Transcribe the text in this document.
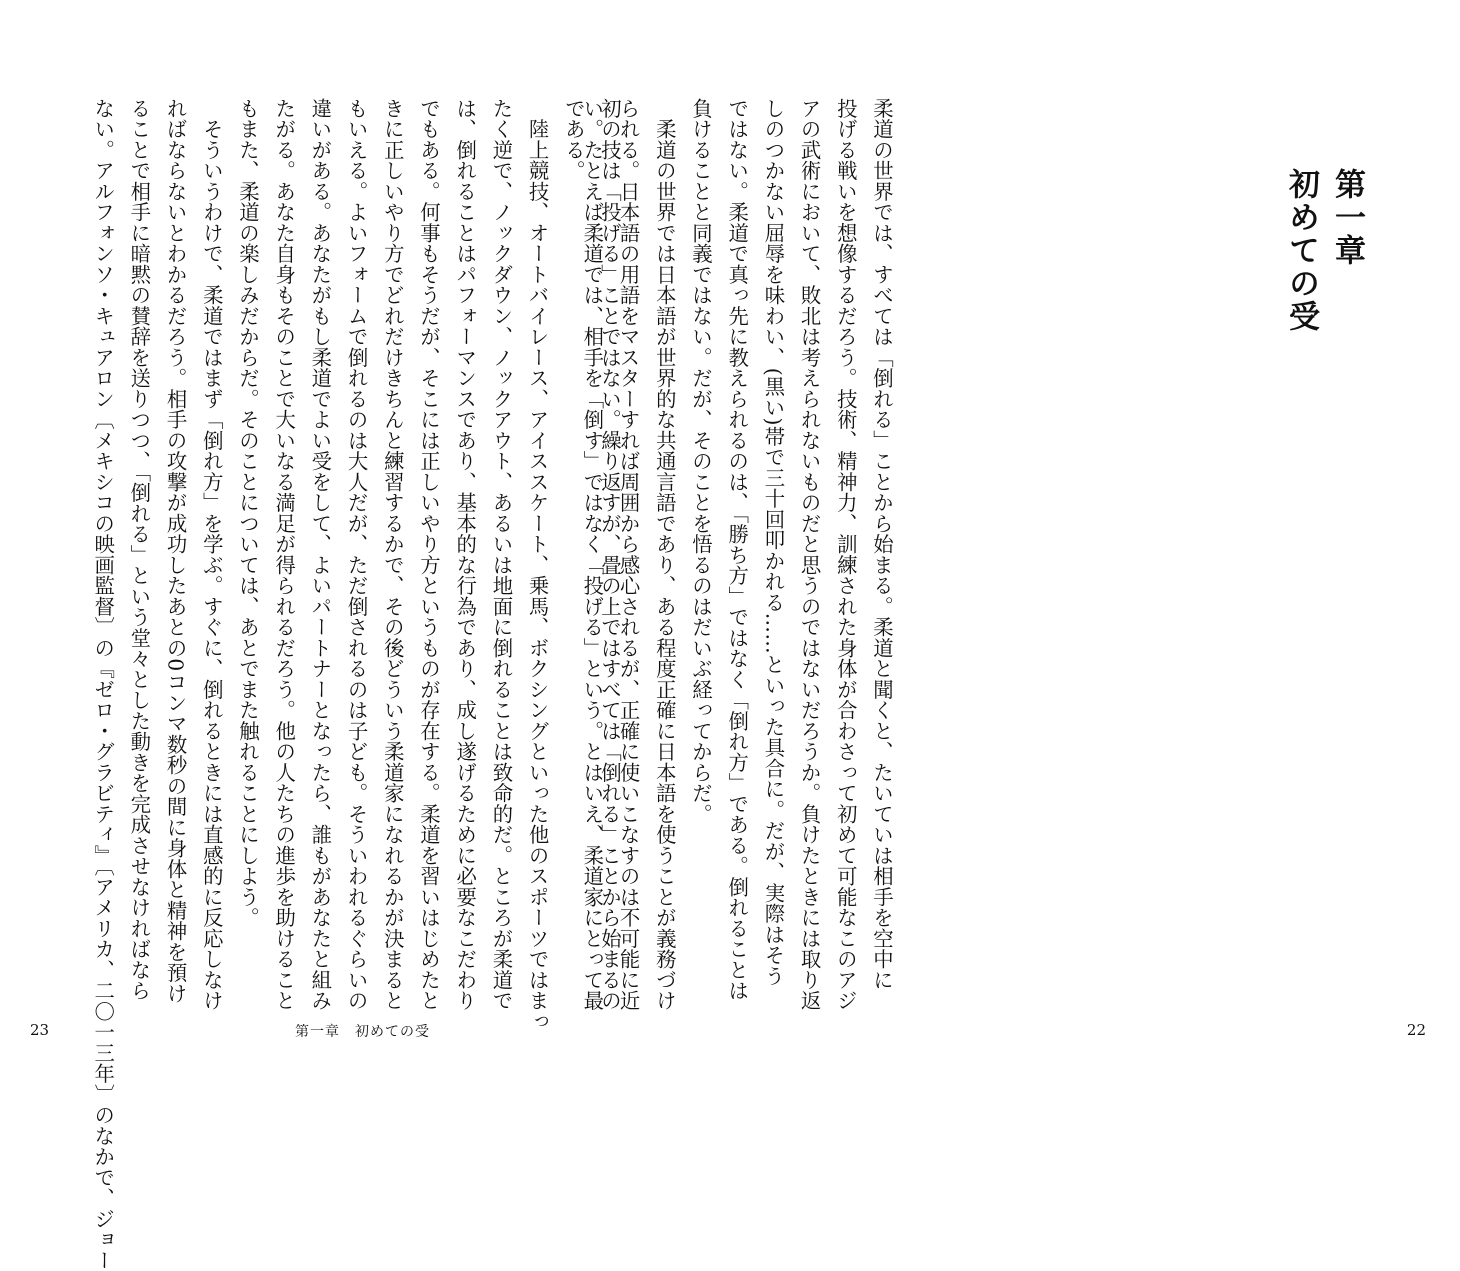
初の技は「投げる」ことではない。繰り返すが、畳の上ではすべては「倒れる」ことから始まるの
である。
　陸上競技、オートバイレース、アイススケート、乗馬、ボクシングといった他のスポーツではまっ
たく逆で、ノックダウン、ノックアウト、あるいは地面に倒れることは致命的だ。ところが柔道で
は、倒れることはパフォーマンスであり、基本的な行為であり、成し遂げるために必要なこだわり
でもある。何事もそうだが、そこには正しいやり方というものが存在する。柔道を習いはじめたと
きに正しいやり方でどれだけきちんと練習するかで、その後どういう柔道家になれるかが決まると
もいえる。よいフォームで倒れるのは大人だが、ただ倒されるのは子ども。そういわれるぐらいの
違いがある。あなたがもし柔道でよい受をして、よいパートナーとなったら、誰もがあなたと組み
たがる。あなた自身もそのことで大いなる満足が得られるだろう。他の人たちの進歩を助けること
もまた、柔道の楽しみだからだ。そのことについては、あとでまた触れることにしよう。
　そういうわけで、柔道ではまず「倒れ方」を学ぶ。すぐに、倒れるときには直感的に反応しなけ
ればならないとわかるだろう。相手の攻撃が成功したあとの0コンマ数秒の間に身体と精神を預け
ることで相手に暗黙の賛辞を送りつつ、「倒れる」という堂々とした動きを完成させなければなら
ない。アルフォンソ・キュアロン〔メキシコの映画監督〕の『ゼロ・グラビティ』〔アメリカ、二〇一三年〕のなかで、ジョー
23	第一章　初めての受
第一章
初めての受
柔道の世界では、すべては「倒れる」ことから始まる。柔道と聞くと、たいていは相手を空中に
投げる戦いを想像するだろう。技術、精神力、訓練された身体が合わさって初めて可能なこのアジ
アの武術において、敗北は考えられないものだと思うのではないだろうか。負けたときには取り返
しのつかない屈辱を味わい、(黒い)帯で三十回叩かれる……といった具合に。だが、実際はそう
ではない。柔道で真っ先に教えられるのは、「勝ち方」ではなく「倒れ方」である。倒れることは
負けることと同義ではない。だが、そのことを悟るのはだいぶ経ってからだ。
　柔道の世界では日本語が世界的な共通言語であり、ある程度正確に日本語を使うことが義務づけ
られる。日本語の用語をマスターすれば周囲から感心されるが、正確に使いこなすのは不可能に近
い。たとえば柔道では、相手を「倒す」ではなく「投げる」という。とはいえ、柔道家にとって最
22
